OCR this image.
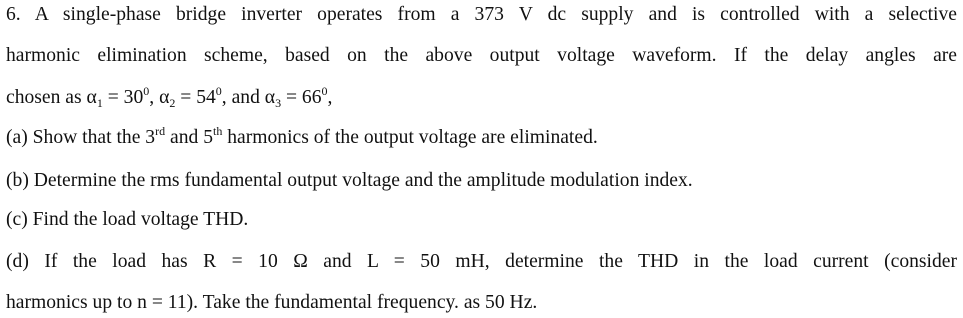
6. A single-phase bridge inverter operates from a 373 V dc supply and is controlled with a selective
harmonic elimination scheme, based on the above output voltage waveform. If the delay angles are
chosen as $\alpha_1 = 30^0$, $\alpha_2 = 54^0$, and $\alpha_3 = 66^0$,
(a) Show that the 3rd and 5th harmonics of the output voltage are eliminated.
(b) Determine the rms fundamental output voltage and the amplitude modulation index.
(c) Find the load voltage THD.
(d) If the load has R = 10 Ω and L = 50 mH, determine the THD in the load current (consider
harmonics up to n = 11). Take the fundamental frequency. as 50 Hz.
